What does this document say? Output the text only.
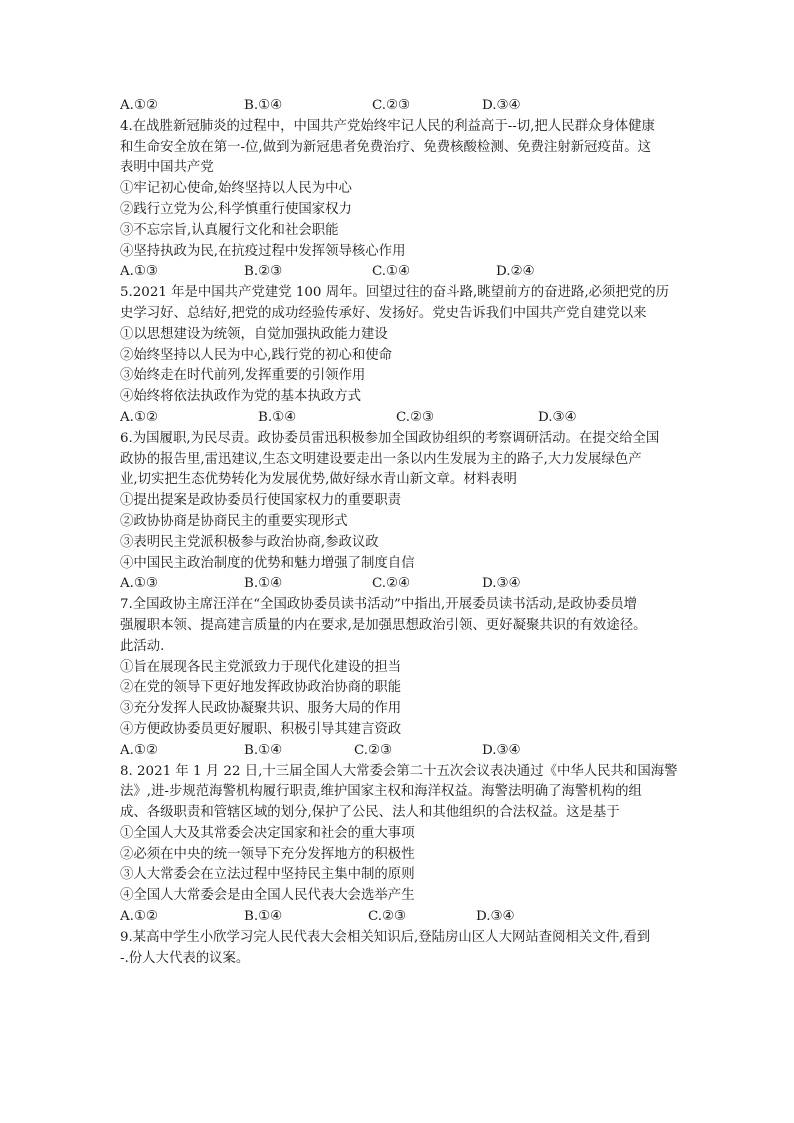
A.①②	B.①④	C.②③	D.③④
4.在战胜新冠肺炎的过程中，中国共产党始终牢记人民的利益高于--切,把人民群众身体健康
和生命安全放在第一-位,做到为新冠患者免费治疗、免费核酸检测、免费注射新冠疫苗。这
表明中国共产党
①牢记初心使命,始终坚持以人民为中心
②践行立党为公,科学慎重行使国家权力
③不忘宗旨,认真履行文化和社会职能
④坚持执政为民,在抗疫过程中发挥领导核心作用
A.①③	B.②③	C.①④	D.②④
5.2021 年是中国共产党建党 100 周年。回望过往的奋斗路,眺望前方的奋进路,必须把党的历
史学习好、总结好,把党的成功经验传承好、发扬好。党史告诉我们中国共产党自建党以来
①以思想建设为统领，自觉加强执政能力建设
②始终坚持以人民为中心,践行党的初心和使命
③始终走在时代前列,发挥重要的引领作用
④始终将依法执政作为党的基本执政方式
A.①②	B.①④	C.②③	D.③④
6.为国履职,为民尽责。政协委员雷迅积极参加全国政协组织的考察调研活动。在提交给全国
政协的报告里,雷迅建议,生态文明建设要走出一条以内生发展为主的路子,大力发展绿色产
业,切实把生态优势转化为发展优势,做好绿水青山新文章。材料表明
①提出提案是政协委员行使国家权力的重要职责
②政协协商是协商民主的重要实现形式
③表明民主党派积极参与政治协商,参政议政
④中国民主政治制度的优势和魅力增强了制度自信
A.①③	B.①④	C.②④	D.③④
7.全国政协主席汪洋在“全国政协委员读书活动”中指出,开展委员读书活动,是政协委员增
强履职本领、提高建言质量的内在要求,是加强思想政治引领、更好凝聚共识的有效途径。
此活动.
①旨在展现各民主党派致力于现代化建设的担当
②在党的领导下更好地发挥政协政治协商的职能
③充分发挥人民政协凝聚共识、服务大局的作用
④方便政协委员更好履职、积极引导其建言资政
A.①②	B.①④	C.②③	D.③④
8. 2021 年 1 月 22 日,十三届全国人大常委会第二十五次会议表决通过《中华人民共和国海警
法》,进-步规范海警机构履行职责,维护国家主权和海洋权益。海警法明确了海警机构的组
成、各级职责和管辖区域的划分,保护了公民、法人和其他组织的合法权益。这是基于
①全国人大及其常委会决定国家和社会的重大事项
②必须在中央的统一领导下充分发挥地方的积极性
③人大常委会在立法过程中坚持民主集中制的原则
④全国人大常委会是由全国人民代表大会选举产生
A.①②	B.①④	C.②③	D.③④
9.某高中学生小欣学习完人民代表大会相关知识后,登陆房山区人大网站查阅相关文件,看到
-.份人大代表的议案。
